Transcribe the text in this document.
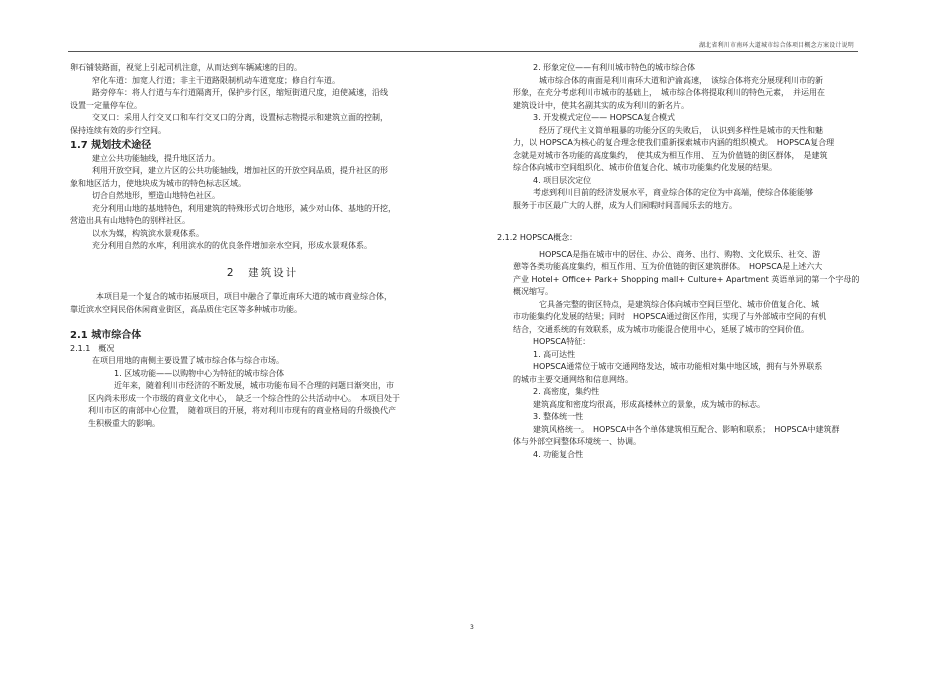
湖北省利川市南环大道城市综合体项目概念方案设计说明

卵石铺装路面，视觉上引起司机注意，从而达到车辆减速的目的。

窄化车道：加宽人行道；非主干道路限制机动车道宽度；修自行车道。

路旁停车：将人行道与车行道隔离开，保护步行区，缩短街道尺度，迫使减速，沿线

设置一定量停车位。

交叉口：采用人行交叉口和车行交叉口的分离，设置标志物提示和建筑立面的控制，

保持连续有效的步行空间。

1.7 规划技术途径

建立公共功能轴线，提升地区活力。

利用开放空间，建立片区的公共功能轴线，增加社区的开放空间品质，提升社区的形

象和地区活力，使地块成为城市的特色标志区域。

切合自然地形，塑造山地特色社区。

充分利用山地的基地特色，利用建筑的特殊形式切合地形，减少对山体、基地的开挖，

营造出具有山地特色的别样社区。

以水为媒，构筑滨水景观体系。

充分利用自然的水库，利用滨水的的优良条件增加亲水空间，形成水景观体系。

2　建筑设计

本项目是一个复合的城市拓展项目，项目中融合了靠近南环大道的城市商业综合体，

靠近滨水空间民俗休闲商业街区，高品质住宅区等多种城市功能。

2.1 城市综合体

2.1.1　概况

在项目用地的南侧主要设置了城市综合体与综合市场。

1. 区域功能——以购物中心为特征的城市综合体

近年来，随着利川市经济的不断发展，城市功能布局不合理的问题日渐突出，市

区内尚未形成一个市级的商业文化中心，　缺乏一个综合性的公共活动中心。　本项目处于

利川市区的南部中心位置，　随着项目的开展，将对利川市现有的商业格局的升级换代产

生积极重大的影响。

2. 形象定位——有利川城市特色的城市综合体

城市综合体的南面是利川南环大道和沪渝高速，　该综合体将充分展现利川市的新

形象，在充分考虑利川市城市的基础上，　城市综合体将提取利川的特色元素，　并运用在

建筑设计中，使其名副其实的成为利川的新名片。

3. 开发模式定位—— HOPSCA复合模式

经历了现代主义简单粗暴的功能分区的失败后，　认识到多样性是城市的天性和魅

力，以 HOPSCA为核心的复合理念使我们重新探索城市内涵的组织模式。　HOPSCA复合理

念就是对城市各功能的高度集约，　使其成为相互作用、 互为价值链的街区群体，　是建筑

综合体向城市空间组织化、城市价值复合化、城市功能集约化发展的结果。

4. 项目层次定位

考虑到利川目前的经济发展水平，商业综合体的定位为中高端，使综合体能能够

服务于市区最广大的人群，成为人们闲暇时间喜闻乐去的地方。

2.1.2 HOPSCA概念：

HOPSCA是指在城市中的居住、办公、商务、出行、购物、文化娱乐、社交、游

憩等各类功能高度集约，相互作用、互为价值链的街区建筑群体。　HOPSCA是上述六大

产业 Hotel+ Office+ Park+ Shopping mall+ Culture+ Apartment 英语单词的第一个字母的

概况缩写。

它具备完整的街区特点，是建筑综合体向城市空间巨型化、城市价值复合化、城

市功能集约化发展的结果；同时　HOPSCA通过街区作用，实现了与外部城市空间的有机

结合，交通系统的有效联系，成为城市功能混合使用中心，延展了城市的空间价值。

HOPSCA特征：

1. 高可达性

HOPSCA通常位于城市交通网络发达，城市功能相对集中地区域，拥有与外界联系

的城市主要交通网络和信息网络。

2. 高密度，集约性

建筑高度和密度均很高，形成高楼林立的景象，成为城市的标志。

3. 整体统一性

建筑风格统一。　HOPSCA中各个单体建筑相互配合、影响和联系；　HOPSCA中建筑群

体与外部空间整体环境统一、协调。

4. 功能复合性

3
